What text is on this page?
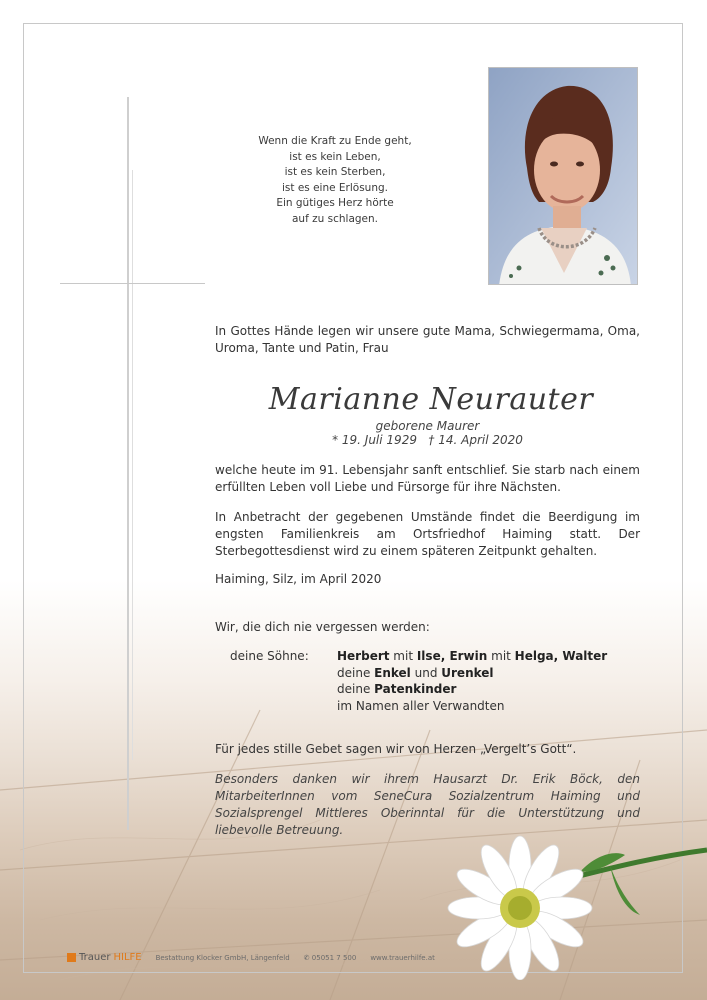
Wenn die Kraft zu Ende geht,
ist es kein Leben,
ist es kein Sterben,
ist es eine Erlösung.
Ein gütiges Herz hörte
auf zu schlagen.
In Gottes Hände legen wir unsere gute Mama, Schwiegermama, Oma, Uroma, Tante und Patin, Frau
Marianne Neurauter
geborene Maurer
* 19. Juli 1929   † 14. April 2020
welche heute im 91. Lebensjahr sanft entschlief. Sie starb nach einem erfüllten Leben voll Liebe und Fürsorge für ihre Nächsten.
In Anbetracht der gegebenen Umstände findet die Beerdigung im engsten Familienkreis am Ortsfriedhof Haiming statt. Der Sterbegottesdienst wird zu einem späteren Zeitpunkt gehalten.
Haiming, Silz, im April 2020
Wir, die dich nie vergessen werden:
deine Söhne:	Herbert mit Ilse, Erwin mit Helga, Walter
deine Enkel und Urenkel
deine Patenkinder
im Namen aller Verwandten
Für jedes stille Gebet sagen wir von Herzen „Vergelt’s Gott“.
Besonders danken wir ihrem Hausarzt Dr. Erik Böck, den MitarbeiterInnen vom SeneCura Sozialzentrum Haiming und Sozialsprengel Mittleres Oberinntal für die Unterstützung und liebevolle Betreuung.
Trauer HILFE Bestattung Klocker GmbH, Längenfeld ✆ 05051 7 500 www.trauerhilfe.at
